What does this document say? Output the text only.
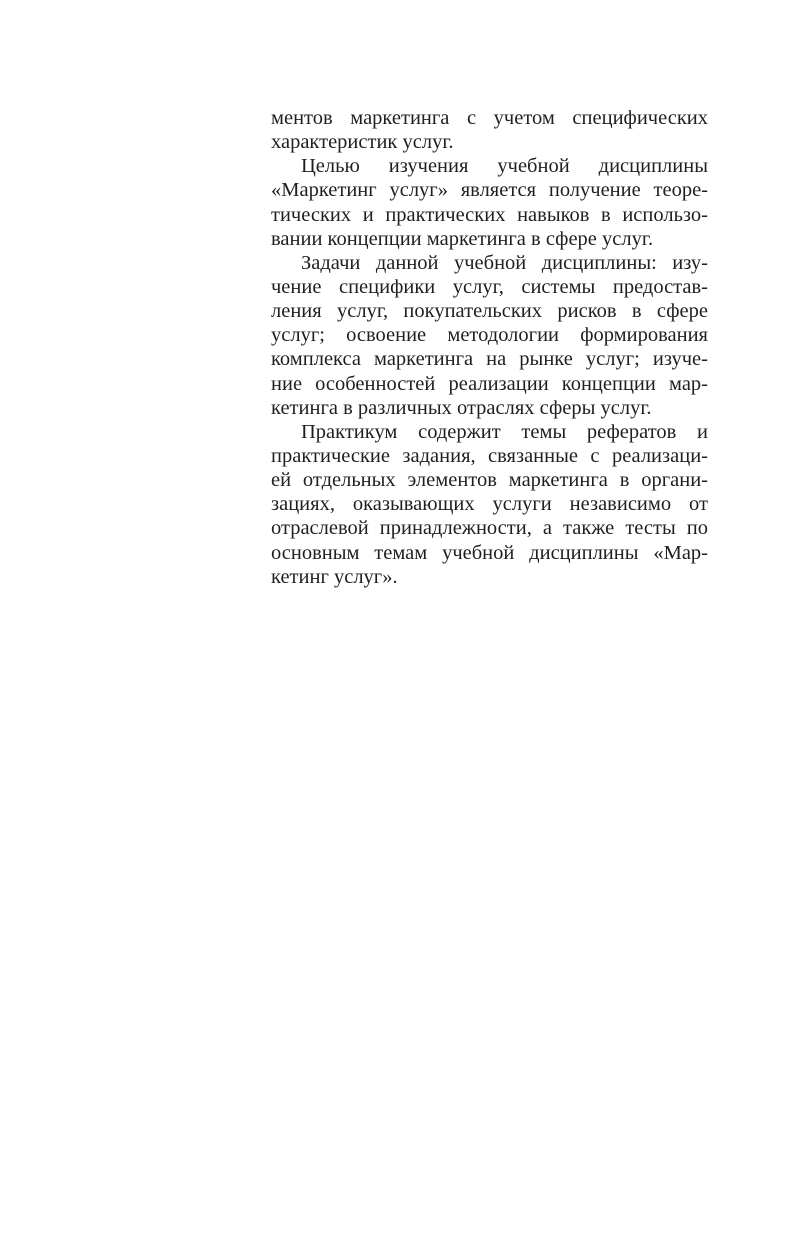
ментов маркетинга с учетом специфических
характеристик услуг.
Целью изучения учебной дисциплины
«Маркетинг услуг» является получение теоре-
тических и практических навыков в использо-
вании концепции маркетинга в сфере услуг.
Задачи данной учебной дисциплины: изу-
чение специфики услуг, системы предостав-
ления услуг, покупательских рисков в сфере
услуг; освоение методологии формирования
комплекса маркетинга на рынке услуг; изуче-
ние особенностей реализации концепции мар-
кетинга в различных отраслях сферы услуг.
Практикум содержит темы рефератов и
практические задания, связанные с реализаци-
ей отдельных элементов маркетинга в органи-
зациях, оказывающих услуги независимо от
отраслевой принадлежности, а также тесты по
основным темам учебной дисциплины «Мар-
кетинг услуг».
